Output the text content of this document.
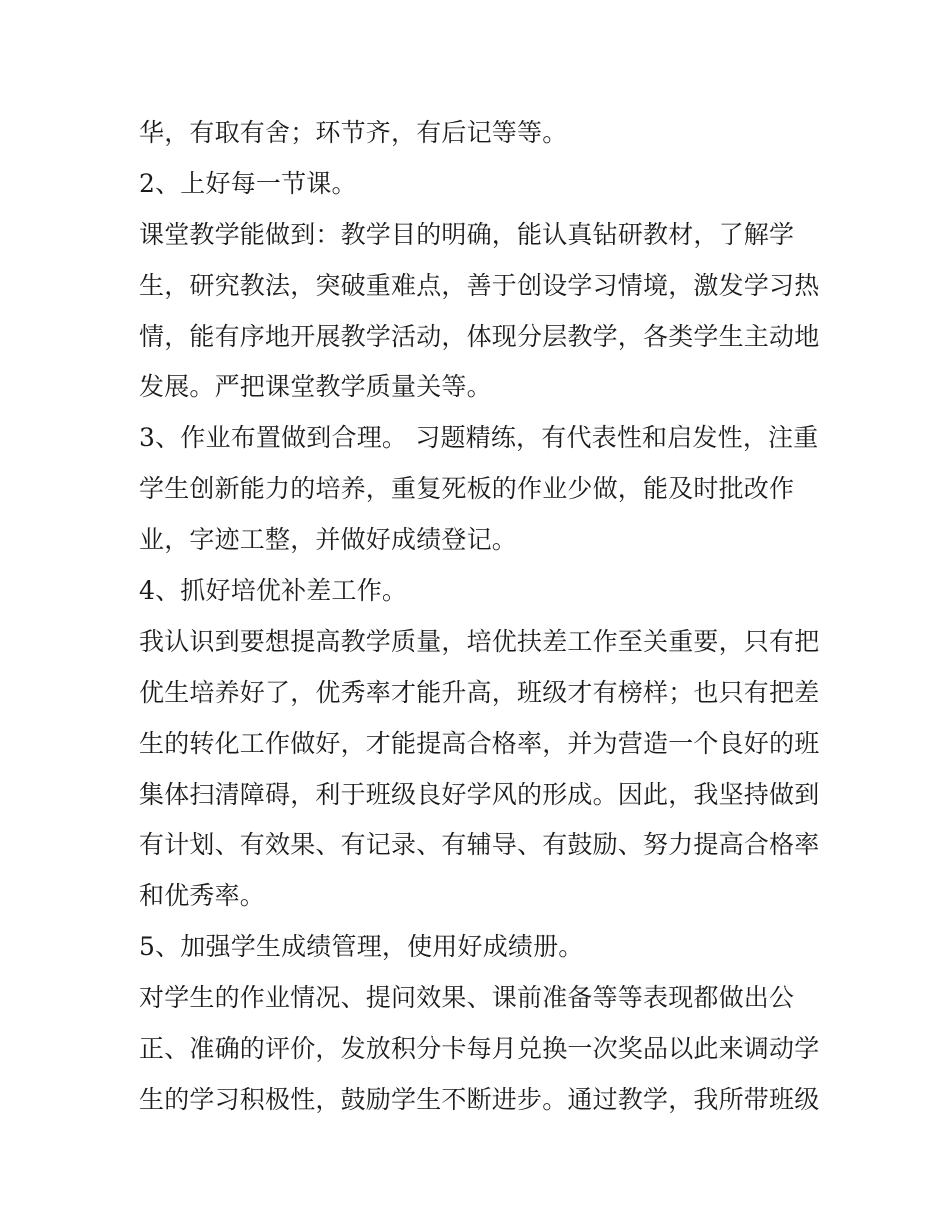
华，有取有舍；环节齐，有后记等等。
2、上好每一节课。
课堂教学能做到：教学目的明确，能认真钻研教材，了解学
生，研究教法，突破重难点，善于创设学习情境，激发学习热
情，能有序地开展教学活动，体现分层教学，各类学生主动地
发展。严把课堂教学质量关等。
3、作业布置做到合理。 习题精练，有代表性和启发性，注重
学生创新能力的培养，重复死板的作业少做，能及时批改作
业，字迹工整，并做好成绩登记。
4、抓好培优补差工作。
我认识到要想提高教学质量，培优扶差工作至关重要，只有把
优生培养好了，优秀率才能升高，班级才有榜样；也只有把差
生的转化工作做好，才能提高合格率，并为营造一个良好的班
集体扫清障碍，利于班级良好学风的形成。因此，我坚持做到
有计划、有效果、有记录、有辅导、有鼓励、努力提高合格率
和优秀率。
5、加强学生成绩管理，使用好成绩册。
对学生的作业情况、提问效果、课前准备等等表现都做出公
正、准确的评价，发放积分卡每月兑换一次奖品以此来调动学
生的学习积极性，鼓励学生不断进步。通过教学，我所带班级
